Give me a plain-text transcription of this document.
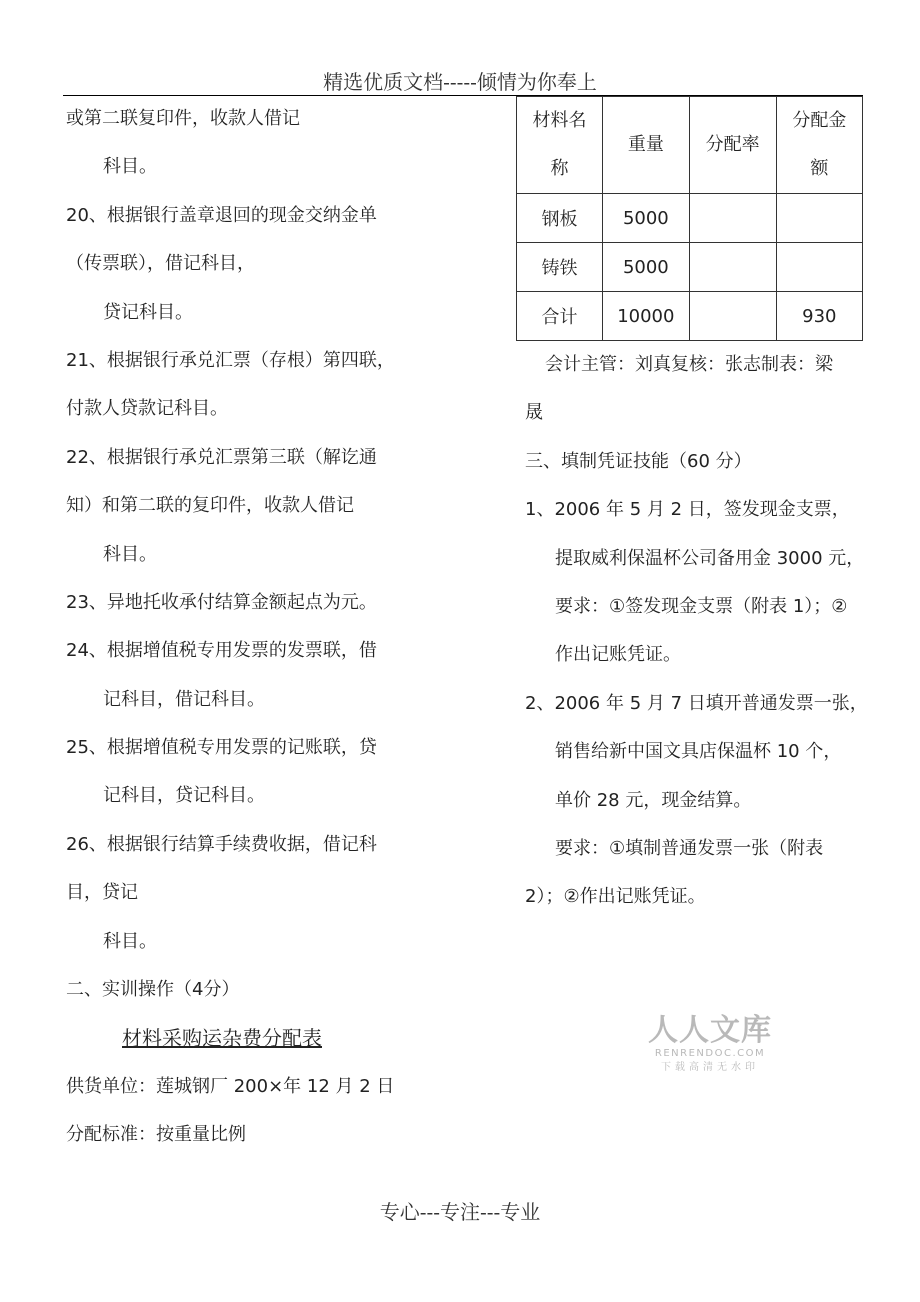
精选优质文档-----倾情为你奉上
或第二联复印件，收款人借记
科目。
20、根据银行盖章退回的现金交纳金单
（传票联），借记科目，
贷记科目。
21、根据银行承兑汇票（存根）第四联，
付款人贷款记科目。
22、根据银行承兑汇票第三联（解讫通
知）和第二联的复印件，收款人借记
科目。
23、异地托收承付结算金额起点为元。
24、根据增值税专用发票的发票联，借
记科目，借记科目。
25、根据增值税专用发票的记账联，贷
记科目，贷记科目。
26、根据银行结算手续费收据，借记科
目，贷记
科目。
二、实训操作（4分）
材料采购运杂费分配表
供货单位：莲城钢厂 200×年 12 月 2 日
分配标准：按重量比例
材料名
称	重量	分配率	分配金
额
钢板	5000		
铸铁	5000		
合计	10000		930
会计主管：刘真复核：张志制表：梁
晟
三、填制凭证技能（60 分）
1、2006 年 5 月 2 日，签发现金支票，
提取威利保温杯公司备用金 3000 元，
要求：①签发现金支票（附表 1）；②
作出记账凭证。
2、2006 年 5 月 7 日填开普通发票一张，
销售给新中国文具店保温杯 10 个，
单价 28 元，现金结算。
要求：①填制普通发票一张（附表
2）；②作出记账凭证。
人人文库
RENRENDOC.COM
下载高清无水印
专心---专注---专业
